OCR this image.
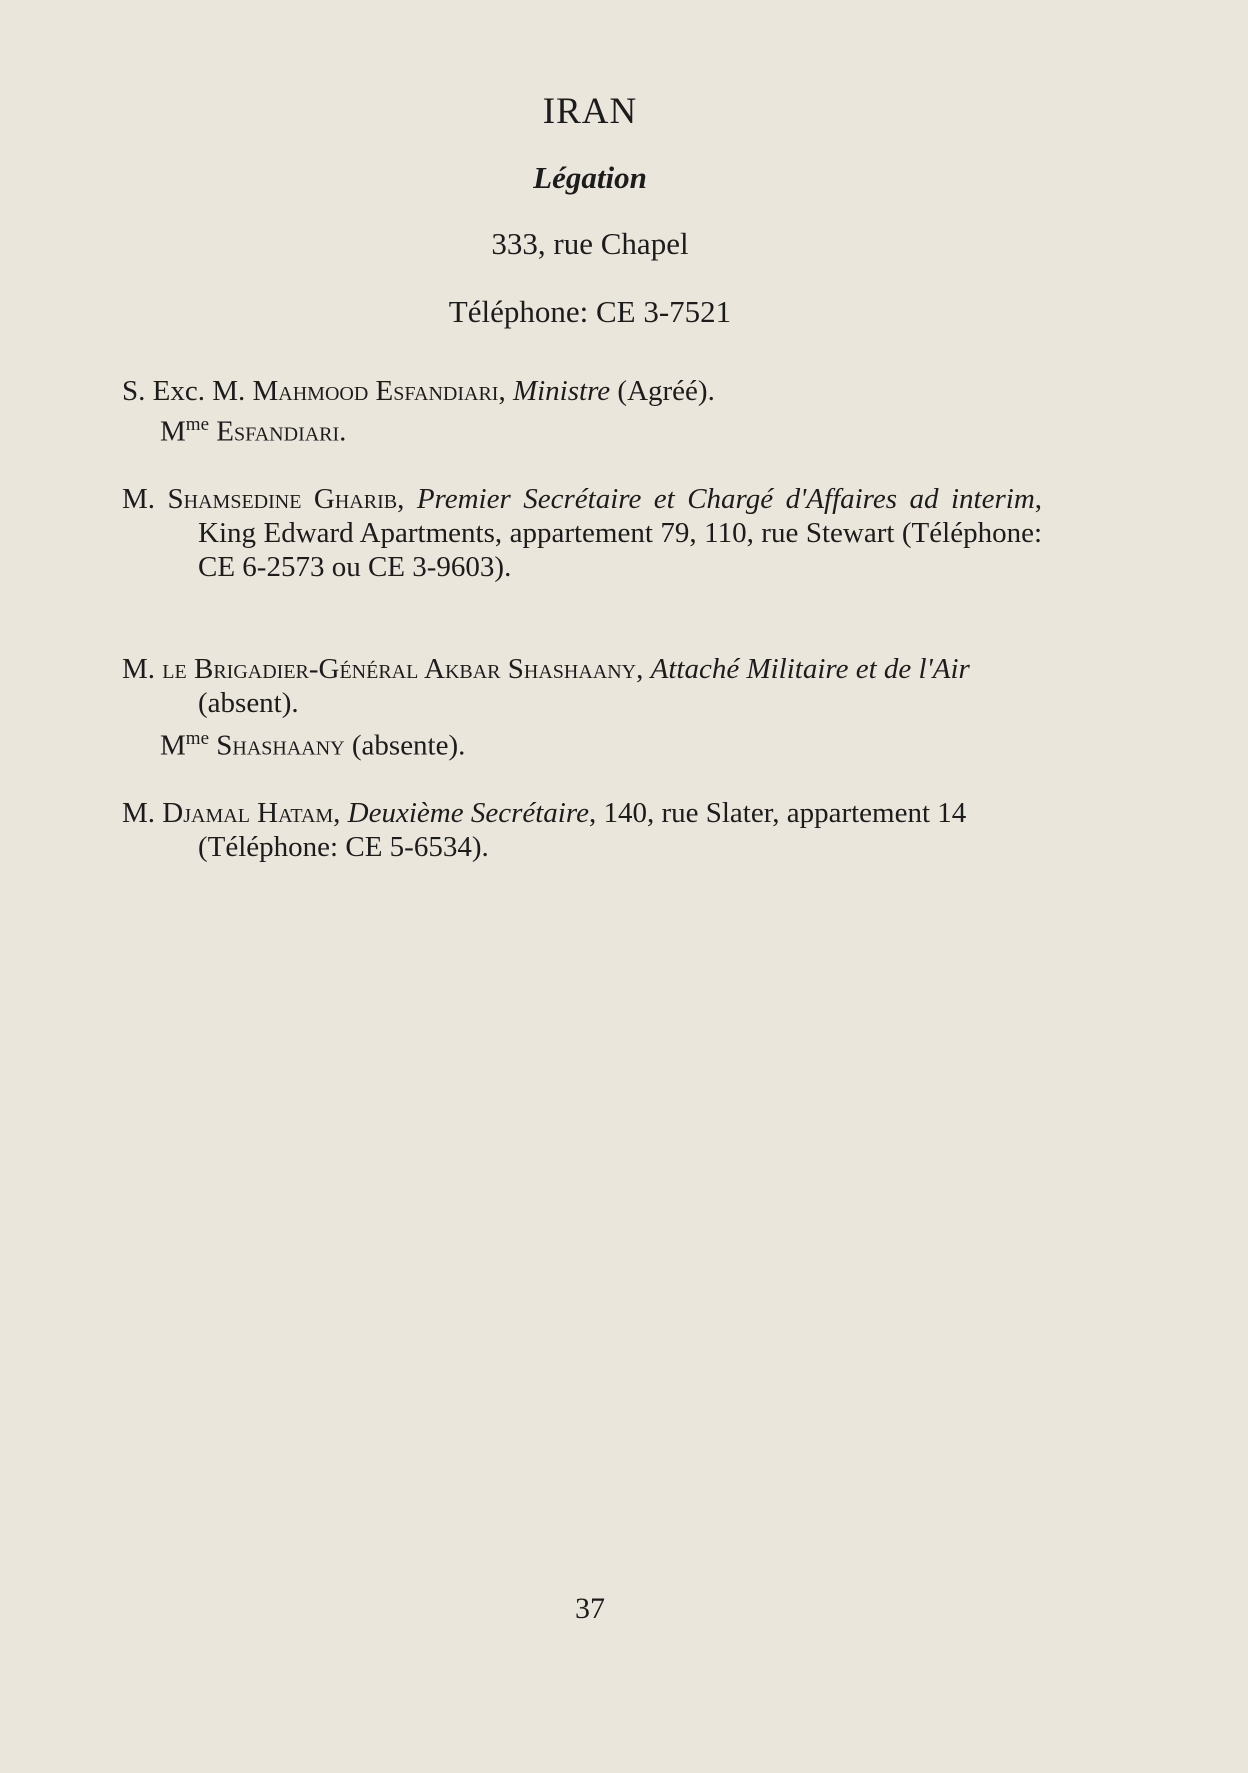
IRAN
Légation
333, rue Chapel
Téléphone: CE 3-7521
S. Exc. M. Mahmood Esfandiari, Ministre (Agréé).
$M^{me}$ Esfandiari.
M. Shamsedine Gharib, Premier Secrétaire et Chargé d'Affaires ad interim, King Edward Apartments, appartement 79, 110, rue Stewart (Téléphone: CE 6-2573 ou CE 3-9603).
M. le Brigadier-Général Akbar Shashaany, Attaché Militaire et de l'Air (absent).
$M^{me}$ Shashaany (absente).
M. Djamal Hatam, Deuxième Secrétaire, 140, rue Slater, appartement 14 (Téléphone: CE 5-6534).
37
